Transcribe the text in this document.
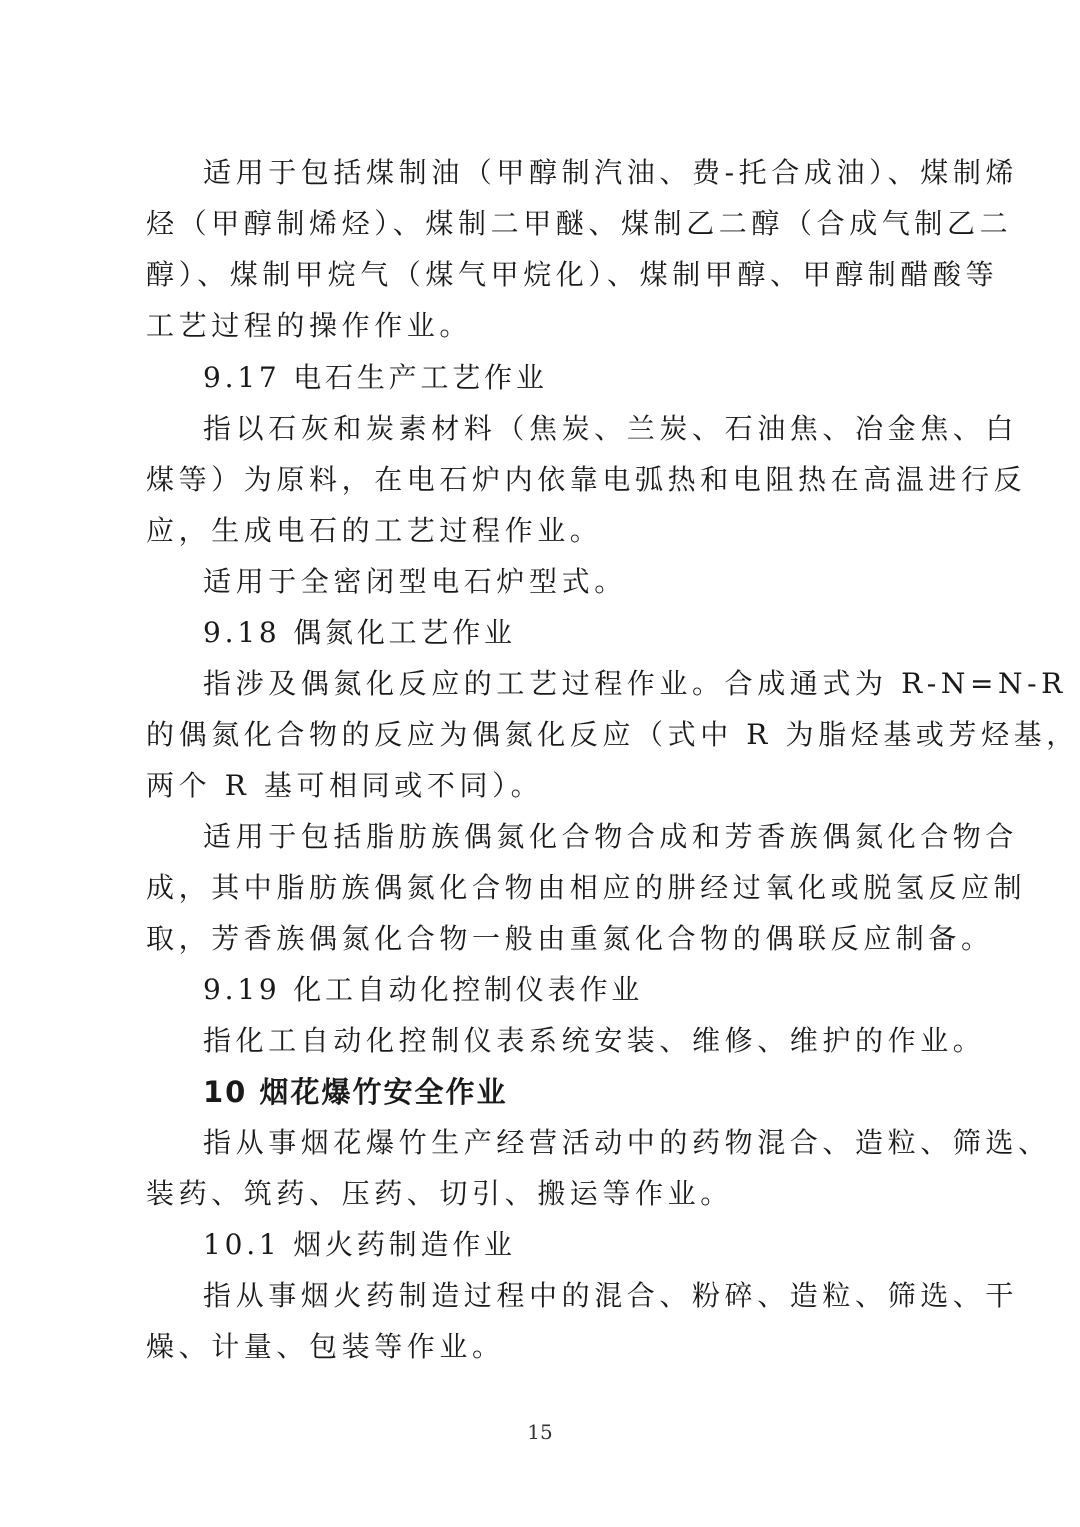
适用于包括煤制油（甲醇制汽油、费-托合成油）、煤制烯
烃（甲醇制烯烃）、煤制二甲醚、煤制乙二醇（合成气制乙二
醇）、煤制甲烷气（煤气甲烷化）、煤制甲醇、甲醇制醋酸等
工艺过程的操作作业。
9.17 电石生产工艺作业
指以石灰和炭素材料（焦炭、兰炭、石油焦、冶金焦、白
煤等）为原料，在电石炉内依靠电弧热和电阻热在高温进行反
应，生成电石的工艺过程作业。
适用于全密闭型电石炉型式。
9.18 偶氮化工艺作业
指涉及偶氮化反应的工艺过程作业。合成通式为 R-N=N-R
的偶氮化合物的反应为偶氮化反应（式中 R 为脂烃基或芳烃基，
两个 R 基可相同或不同）。
适用于包括脂肪族偶氮化合物合成和芳香族偶氮化合物合
成，其中脂肪族偶氮化合物由相应的肼经过氧化或脱氢反应制
取，芳香族偶氮化合物一般由重氮化合物的偶联反应制备。
9.19 化工自动化控制仪表作业
指化工自动化控制仪表系统安装、维修、维护的作业。
10 烟花爆竹安全作业
指从事烟花爆竹生产经营活动中的药物混合、造粒、筛选、
装药、筑药、压药、切引、搬运等作业。
10.1 烟火药制造作业
指从事烟火药制造过程中的混合、粉碎、造粒、筛选、干
燥、计量、包装等作业。
15
